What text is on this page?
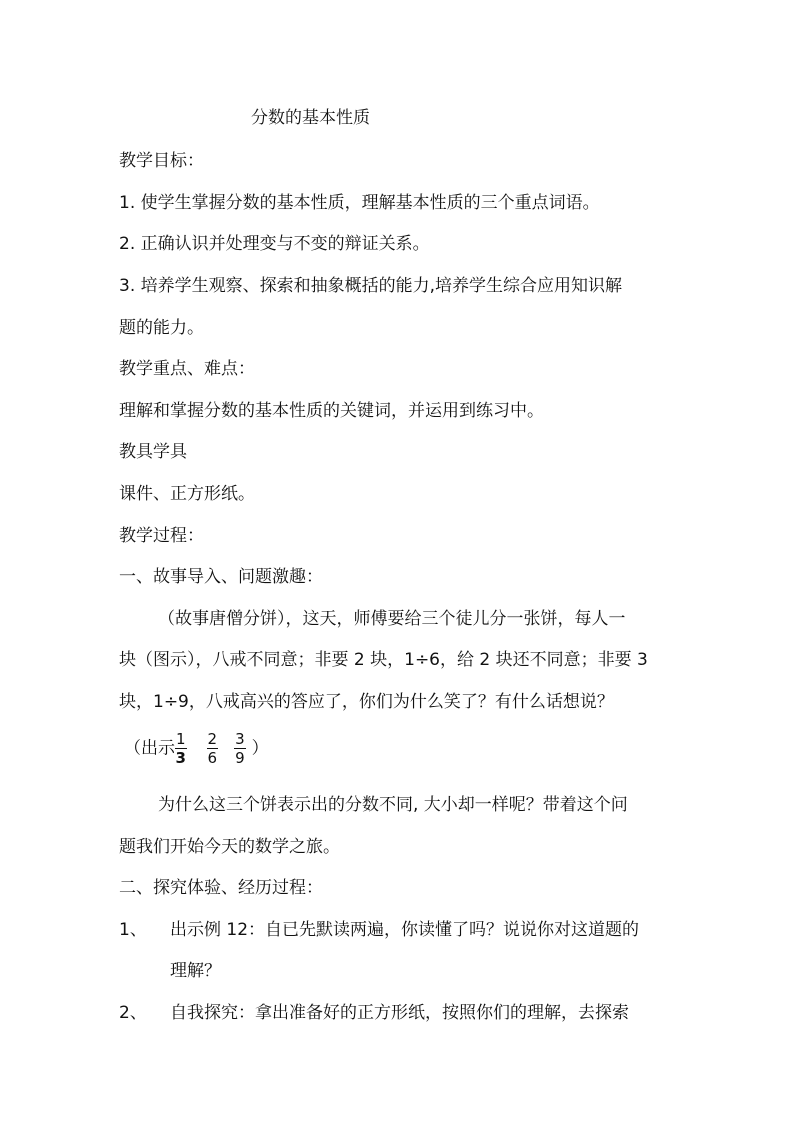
分数的基本性质
教学目标：
1. 使学生掌握分数的基本性质，理解基本性质的三个重点词语。
2. 正确认识并处理变与不变的辩证关系。
3. 培养学生观察、探索和抽象概括的能力,培养学生综合应用知识解
题的能力。
教学重点、难点：
理解和掌握分数的基本性质的关键词，并运用到练习中。
教具学具
课件、正方形纸。
教学过程：
一、故事导入、问题激趣：
（故事唐僧分饼），这天，师傅要给三个徒儿分一张饼，每人一
块（图示），八戒不同意；非要 2 块，1÷6，给 2 块还不同意；非要 3
块，1÷9，八戒高兴的答应了，你们为什么笑了？有什么话想说？
（出示 $\frac{1}{3} \frac{2}{6} \frac{3}{9}$ ）
为什么这三个饼表示出的分数不同, 大小却一样呢？带着这个问
题我们开始今天的数学之旅。
二、探究体验、经历过程：
1、 出示例 12：自已先默读两遍，你读懂了吗？说说你对这道题的
理解？
2、 自我探究：拿出准备好的正方形纸，按照你们的理解，去探索
